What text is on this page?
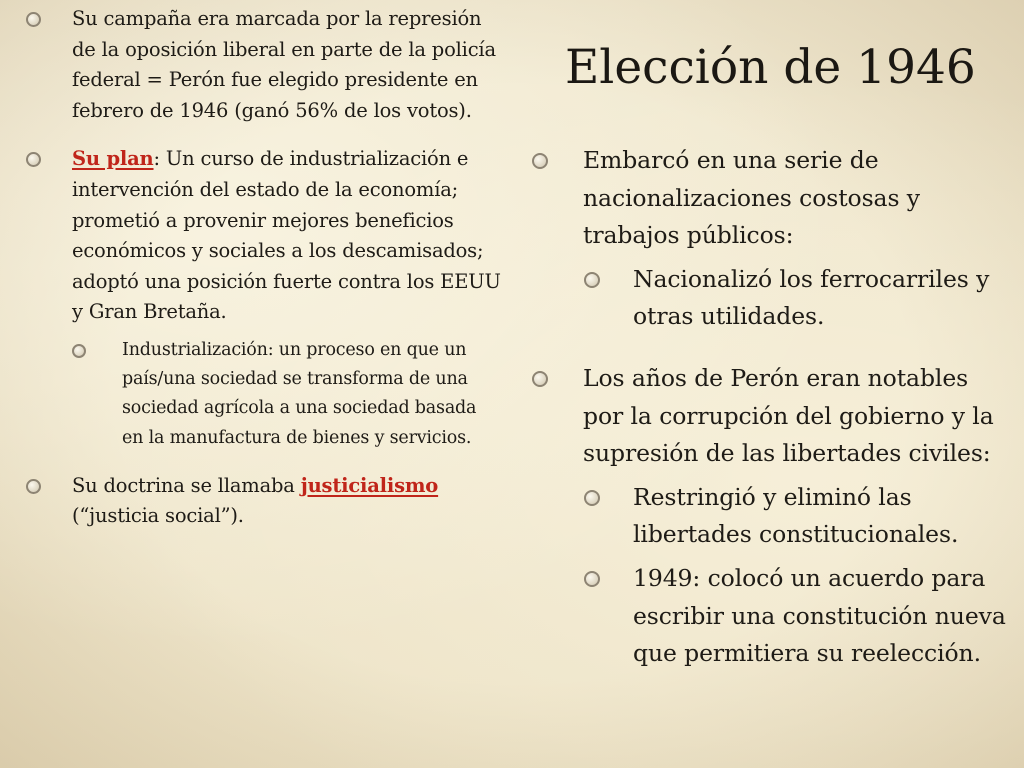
Su campaña era marcada por la represión de la oposición liberal en parte de la policía federal = Perón fue elegido presidente en febrero de 1946 (ganó 56% de los votos).
Su plan: Un curso de industrialización e intervención del estado de la economía; prometió a provenir mejores beneficios económicos y sociales a los descamisados; adoptó una posición fuerte contra los EEUU y Gran Bretaña.
Industrialización: un proceso en que un país/una sociedad se transforma de una sociedad agrícola a una sociedad basada en la manufactura de bienes y servicios.
Su doctrina se llamaba justicialismo
(“justicia social”).
Elección de 1946
Embarcó en una serie de nacionalizaciones costosas y trabajos públicos:
Nacionalizó los ferrocarriles y otras utilidades.
Los años de Perón eran notables por la corrupción del gobierno y la supresión de las libertades civiles:
Restringió y eliminó las libertades constitucionales.
1949: colocó un acuerdo para escribir una constitución nueva que permitiera su reelección.
